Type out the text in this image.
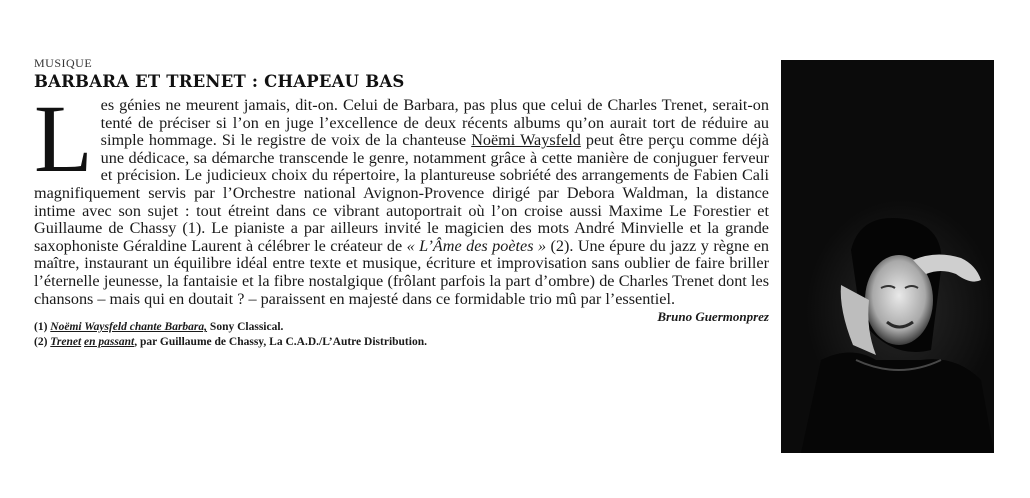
MUSIQUE

BARBARA ET TRENET : CHAPEAU BAS

Les génies ne meurent jamais, dit-on. Celui de Barbara, pas plus que celui de Charles Trenet, serait-on tenté de préciser si l’on en juge l’excellence de deux récents albums qu’on aurait tort de réduire au simple hommage. Si le registre de voix de la chanteuse Noëmi Waysfeld peut être perçu comme déjà une dédicace, sa démarche transcende le genre, notamment grâce à cette manière de conjuguer ferveur et précision. Le judicieux choix du répertoire, la plantureuse sobriété des arrangements de Fabien Cali magnifiquement servis par l’Orchestre national Avignon-Provence dirigé par Debora Waldman, la distance intime avec son sujet : tout étreint dans ce vibrant autoportrait où l’on croise aussi Maxime Le Forestier et Guillaume de Chassy (1). Le pianiste a par ailleurs invité le magicien des mots André Minvielle et la grande saxophoniste Géraldine Laurent à célébrer le créateur de « L’Âme des poètes » (2). Une épure du jazz y règne en maître, instaurant un équilibre idéal entre texte et musique, écriture et improvisation sans oublier de faire briller l’éternelle jeunesse, la fantaisie et la fibre nostalgique (frôlant parfois la part d’ombre) de Charles Trenet dont les chansons – mais qui en doutait ? – paraissent en majesté dans ce formidable trio mû par l’essentiel.
Bruno Guermonprez

(1) Noëmi Waysfeld chante Barbara, Sony Classical.
(2) Trenet en passant, par Guillaume de Chassy, La C.A.D./L’Autre Distribution.
